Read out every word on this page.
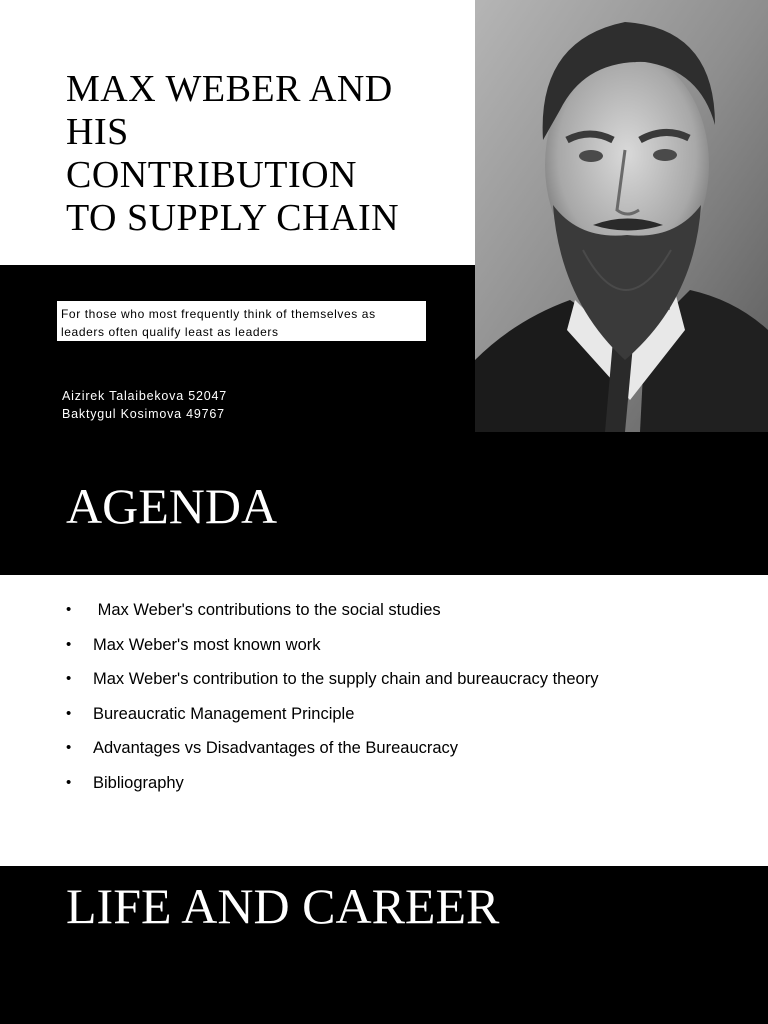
MAX WEBER AND
HIS
CONTRIBUTION
TO SUPPLY CHAIN
For those who most frequently think of themselves as
leaders often qualify least as leaders
Aizirek Talaibekova 52047
Baktygul Kosimova 49767
AGENDA
• Max Weber's contributions to the social studies
• Max Weber's most known work
• Max Weber's contribution to the supply chain and bureaucracy theory
• Bureaucratic Management Principle
• Advantages vs Disadvantages of the Bureaucracy
• Bibliography
LIFE AND CAREER
